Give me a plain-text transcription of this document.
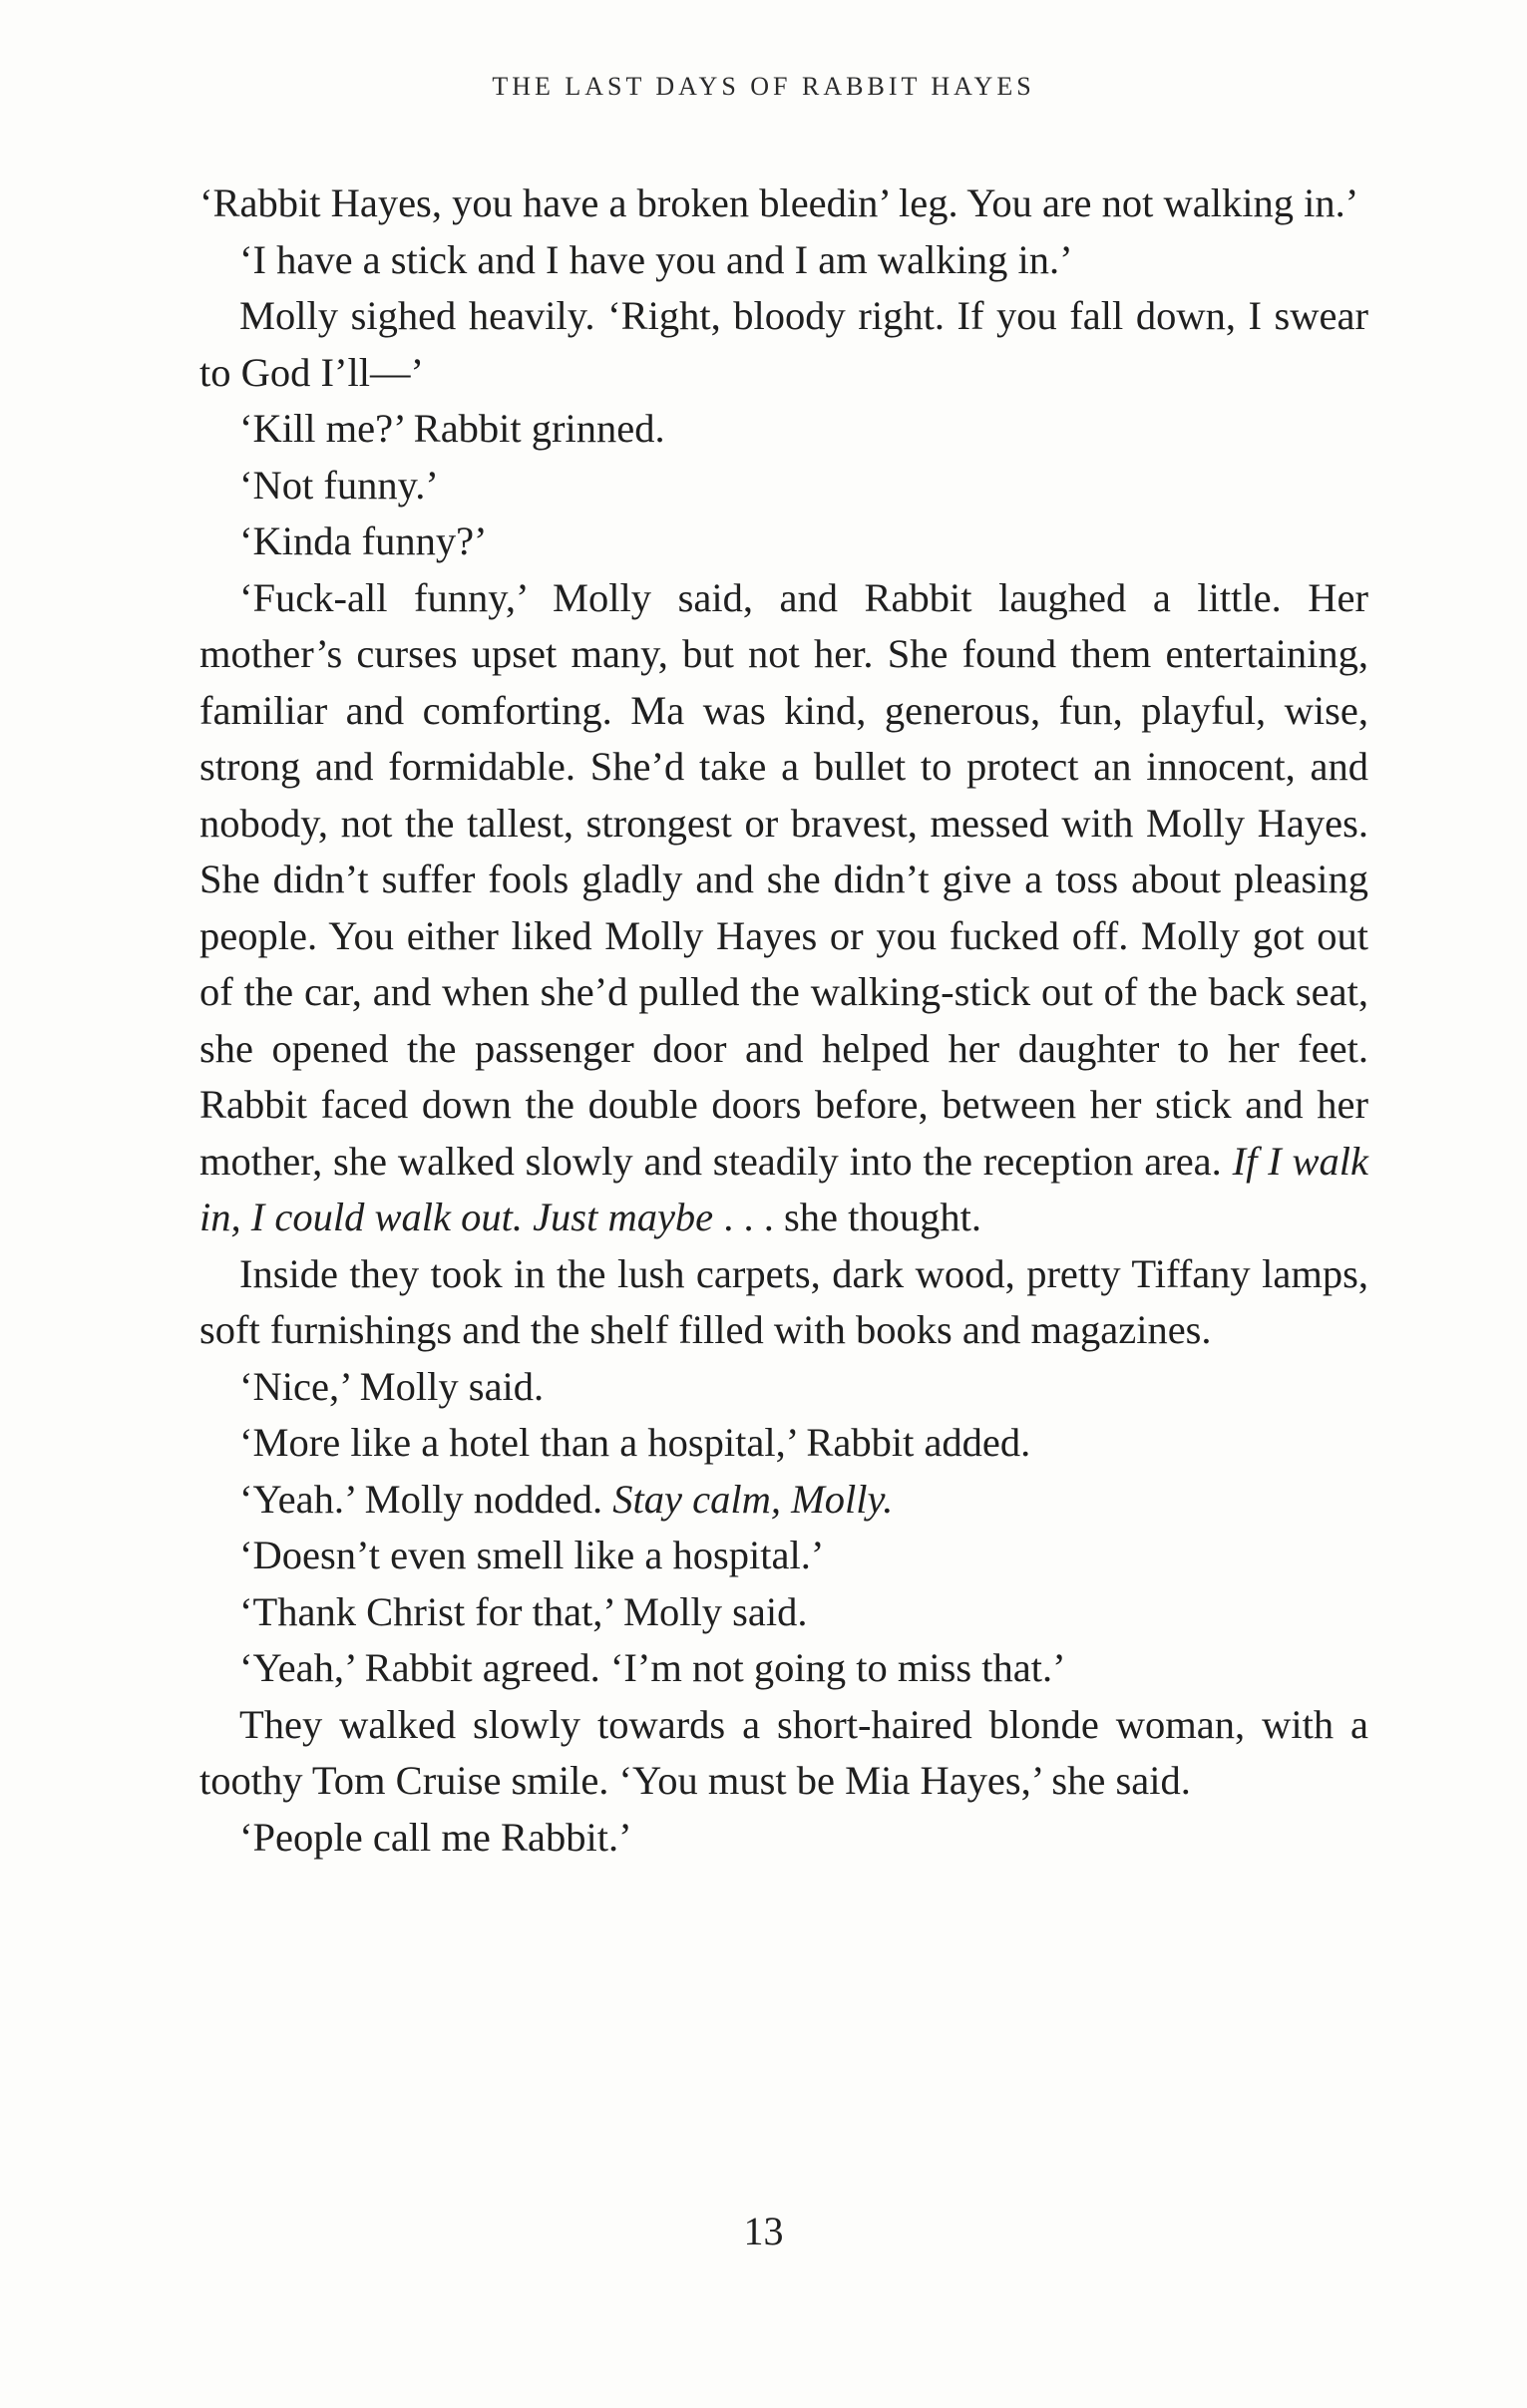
THE LAST DAYS OF RABBIT HAYES

‘Rabbit Hayes, you have a broken bleedin’ leg. You are not walking in.’

‘I have a stick and I have you and I am walking in.’

Molly sighed heavily. ‘Right, bloody right. If you fall down, I swear to God I’ll—’

‘Kill me?’ Rabbit grinned.

‘Not funny.’

‘Kinda funny?’

‘Fuck-all funny,’ Molly said, and Rabbit laughed a little. Her mother’s curses upset many, but not her. She found them entertaining, familiar and comforting. Ma was kind, generous, fun, playful, wise, strong and formidable. She’d take a bullet to protect an innocent, and nobody, not the tallest, strongest or bravest, messed with Molly Hayes. She didn’t suffer fools gladly and she didn’t give a toss about pleasing people. You either liked Molly Hayes or you fucked off. Molly got out of the car, and when she’d pulled the walking-stick out of the back seat, she opened the passenger door and helped her daughter to her feet. Rabbit faced down the double doors before, between her stick and her mother, she walked slowly and steadily into the reception area. If I walk in, I could walk out. Just maybe . . . she thought.

Inside they took in the lush carpets, dark wood, pretty Tiffany lamps, soft furnishings and the shelf filled with books and magazines.

‘Nice,’ Molly said.

‘More like a hotel than a hospital,’ Rabbit added.

‘Yeah.’ Molly nodded. Stay calm, Molly.

‘Doesn’t even smell like a hospital.’

‘Thank Christ for that,’ Molly said.

‘Yeah,’ Rabbit agreed. ‘I’m not going to miss that.’

They walked slowly towards a short-haired blonde woman, with a toothy Tom Cruise smile. ‘You must be Mia Hayes,’ she said.

‘People call me Rabbit.’

13
